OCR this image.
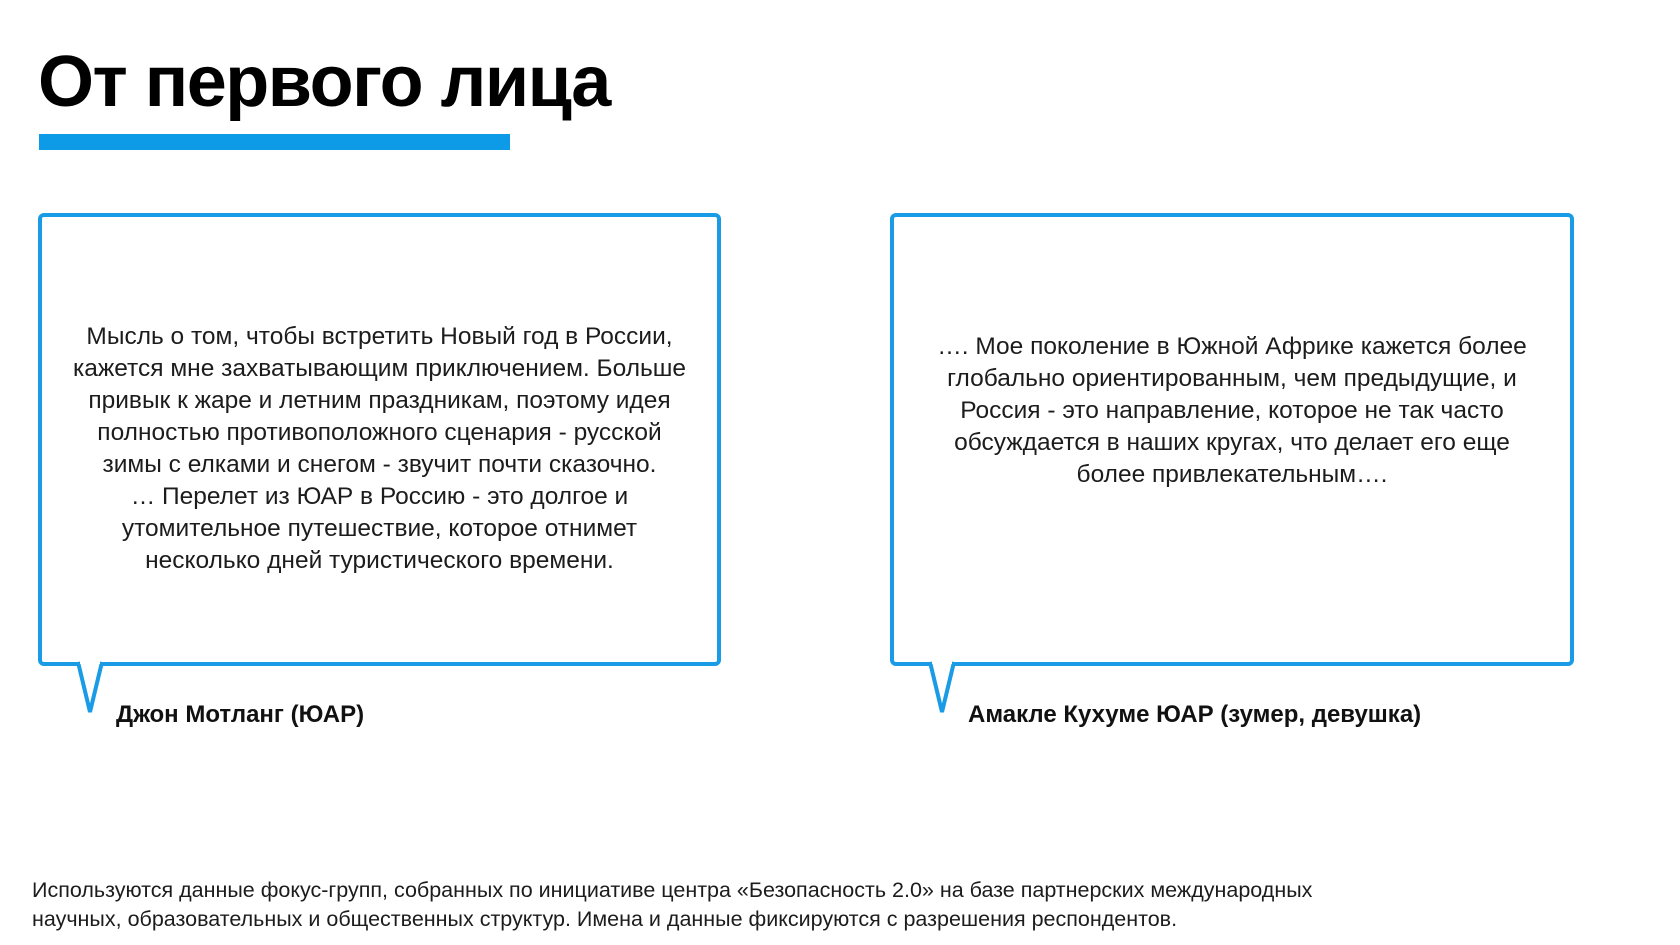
От первого лица

Мысль о том, чтобы встретить Новый год в России,
кажется мне захватывающим приключением. Больше
привык к жаре и летним праздникам, поэтому идея
полностью противоположного сценария - русской
зимы с елками и снегом - звучит почти сказочно.
… Перелет из ЮАР в Россию - это долгое и
утомительное путешествие, которое отнимет
несколько дней туристического времени.

Джон Мотланг (ЮАР)

…. Мое поколение в Южной Африке кажется более
глобально ориентированным, чем предыдущие, и
Россия - это направление, которое не так часто
обсуждается в наших кругах, что делает его еще
более привлекательным….

Амакле Кухуме ЮАР (зумер, девушка)

Используются данные фокус-групп, собранных по инициативе центра «Безопасность 2.0» на базе партнерских международных
научных, образовательных и общественных структур. Имена и данные фиксируются с разрешения респондентов.
